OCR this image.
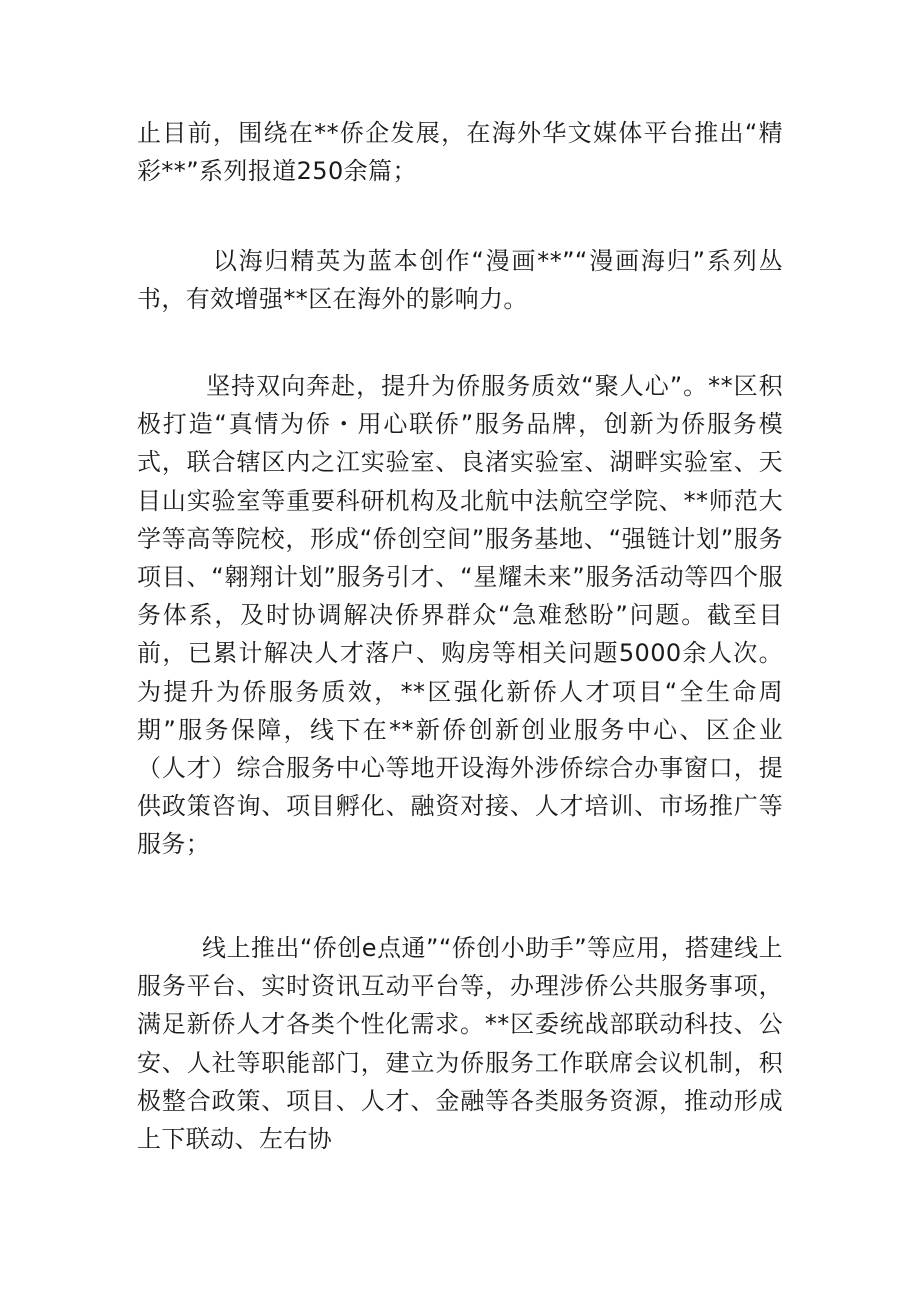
止目前，围绕在**侨企发展，在海外华文媒体平台推出“精彩**”系列报道250余篇；

以海归精英为蓝本创作“漫画**”“漫画海归”系列丛书，有效增强**区在海外的影响力。

坚持双向奔赴，提升为侨服务质效“聚人心”。**区积极打造“真情为侨・用心联侨”服务品牌，创新为侨服务模式，联合辖区内之江实验室、良渚实验室、湖畔实验室、天目山实验室等重要科研机构及北航中法航空学院、**师范大学等高等院校，形成“侨创空间”服务基地、“强链计划”服务项目、“翱翔计划”服务引才、“星耀未来”服务活动等四个服务体系，及时协调解决侨界群众“急难愁盼”问题。截至目前，已累计解决人才落户、购房等相关问题5000余人次。为提升为侨服务质效，**区强化新侨人才项目“全生命周期”服务保障，线下在**新侨创新创业服务中心、区企业（人才）综合服务中心等地开设海外涉侨综合办事窗口，提供政策咨询、项目孵化、融资对接、人才培训、市场推广等服务；

线上推出“侨创e点通”“侨创小助手”等应用，搭建线上服务平台、实时资讯互动平台等，办理涉侨公共服务事项，满足新侨人才各类个性化需求。**区委统战部联动科技、公安、人社等职能部门，建立为侨服务工作联席会议机制，积极整合政策、项目、人才、金融等各类服务资源，推动形成上下联动、左右协
